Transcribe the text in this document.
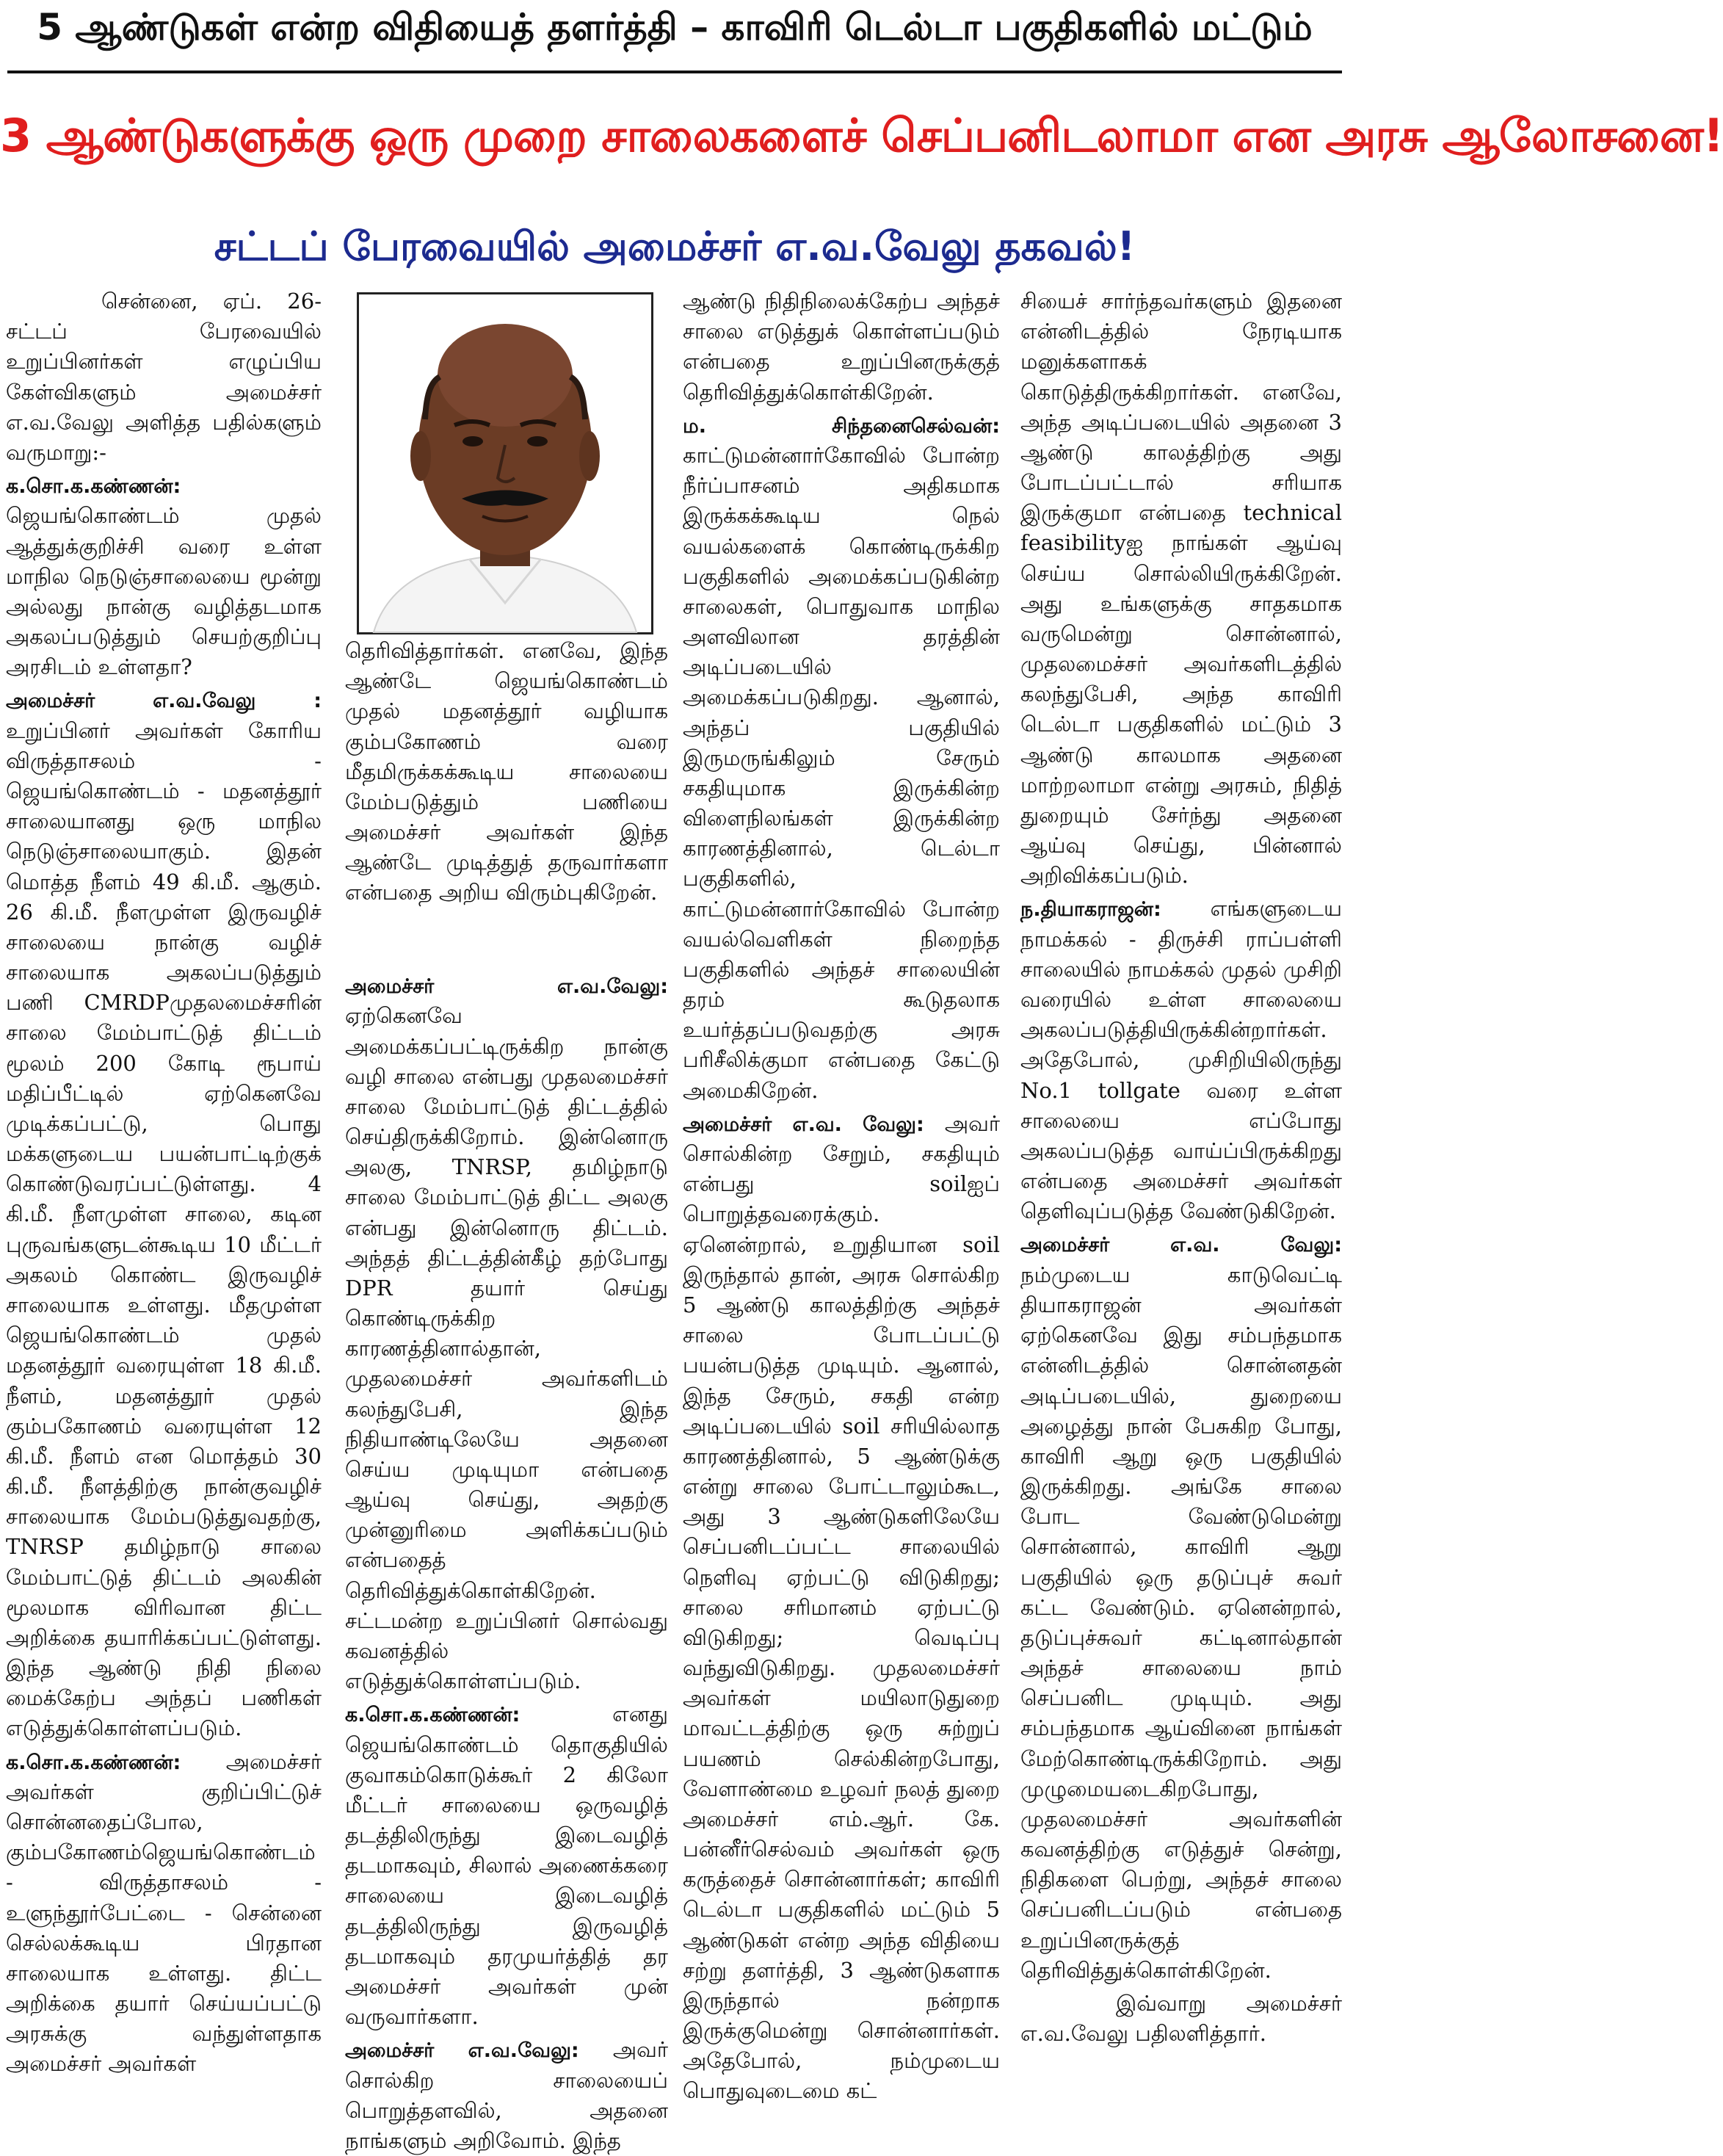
5 ஆண்டுகள் என்ற விதியைத் தளர்த்தி – காவிரி டெல்டா பகுதிகளில் மட்டும்
3 ஆண்டுகளுக்கு ஒரு முறை சாலைகளைச் செப்பனிடலாமா என அரசு ஆலோசனை!
சட்டப் பேரவையில் அமைச்சர் எ.வ.வேலு தகவல்!

சென்னை, ஏப். 26- சட்டப் பேரவையில் உறுப்பினர்கள் எழுப்பிய கேள்விகளும் அமைச்சர் எ.வ.வேலு அளித்த பதில்களும் வருமாறு:-

க.சொ.க.கண்ணன்: ஜெயங்கொண்டம் முதல் ஆத்துக்குறிச்சி வரை உள்ள மாநில நெடுஞ்சாலையை மூன்று அல்லது நான்கு வழித்தடமாக அகலப்படுத்தும் செயற்குறிப்பு அரசிடம் உள்ளதா?

அமைச்சர் எ.வ.வேலு : உறுப்பினர் அவர்கள் கோரிய விருத்தாசலம் - ஜெயங்கொண்டம் - மதனத்தூர் சாலையானது ஒரு மாநில நெடுஞ்சாலையாகும். இதன் மொத்த நீளம் 49 கி.மீ. ஆகும். 26 கி.மீ. நீளமுள்ள இருவழிச் சாலையை நான்கு வழிச் சாலையாக அகலப்படுத்தும் பணி CMRDPமுதலமைச்சரின் சாலை மேம்பாட்டுத் திட்டம் மூலம் 200 கோடி ரூபாய் மதிப்பீட்டில் ஏற்கெனவே முடிக்கப்பட்டு, பொது மக்களுடைய பயன்பாட்டிற்குக் கொண்டுவரப்பட்டுள்ளது. 4 கி.மீ. நீளமுள்ள சாலை, கடின புருவங்களுடன்கூடிய 10 மீட்டர் அகலம் கொண்ட இருவழிச் சாலையாக உள்ளது. மீதமுள்ள ஜெயங்கொண்டம் முதல் மதனத்தூர் வரையுள்ள 18 கி.மீ. நீளம், மதனத்தூர் முதல் கும்பகோணம் வரையுள்ள 12 கி.மீ. நீளம் என மொத்தம் 30 கி.மீ. நீளத்திற்கு நான்குவழிச் சாலையாக மேம்படுத்துவதற்கு, TNRSP தமிழ்நாடு சாலை மேம்பாட்டுத் திட்டம் அலகின் மூலமாக விரிவான திட்ட அறிக்கை தயாரிக்கப்பட்டுள்ளது. இந்த ஆண்டு நிதி நிலை மைக்கேற்ப அந்தப் பணிகள் எடுத்துக்கொள்ளப்படும்.

க.சொ.க.கண்ணன்: அமைச்சர் அவர்கள் குறிப்பிட்டுச் சொன்னதைப்போல, கும்பகோணம்ஜெயங்கொண்டம் - விருத்தாசலம் - உளுந்தூர்பேட்டை - சென்னை செல்லக்கூடிய பிரதான சாலையாக உள்ளது. திட்ட அறிக்கை தயார் செய்யப்பட்டு அரசுக்கு வந்துள்ளதாக அமைச்சர் அவர்கள்

தெரிவித்தார்கள். எனவே, இந்த ஆண்டே ஜெயங்கொண்டம் முதல் மதனத்தூர் வழியாக கும்பகோணம் வரை மீதமிருக்கக்கூடிய சாலையை மேம்படுத்தும் பணியை அமைச்சர் அவர்கள் இந்த ஆண்டே முடித்துத் தருவார்களா என்பதை அறிய விரும்புகிறேன்.

அமைச்சர் எ.வ.வேலு: ஏற்கெனவே அமைக்கப்பட்டிருக்கிற நான்கு வழி சாலை என்பது முதலமைச்சர் சாலை மேம்பாட்டுத் திட்டத்தில் செய்திருக்கிறோம். இன்னொரு அலகு, TNRSP, தமிழ்நாடு சாலை மேம்பாட்டுத் திட்ட அலகு என்பது இன்னொரு திட்டம். அந்தத் திட்டத்தின்கீழ் தற்போது DPR தயார் செய்து கொண்டிருக்கிற காரணத்தினால்தான், முதலமைச்சர் அவர்களிடம் கலந்துபேசி, இந்த நிதியாண்டிலேயே அதனை செய்ய முடியுமா என்பதை ஆய்வு செய்து, அதற்கு முன்னுரிமை அளிக்கப்படும் என்பதைத் தெரிவித்துக்கொள்கிறேன். சட்டமன்ற உறுப்பினர் சொல்வது கவனத்தில் எடுத்துக்கொள்ளப்படும்.

க.சொ.க.கண்ணன்: எனது ஜெயங்கொண்டம் தொகுதியில் குவாகம்கொடுக்கூர் 2 கிலோ மீட்டர் சாலையை ஒருவழித் தடத்திலிருந்து இடைவழித் தடமாகவும், சிலால் அணைக்கரை சாலையை இடைவழித் தடத்திலிருந்து இருவழித் தடமாகவும் தரமுயர்த்தித் தர அமைச்சர் அவர்கள் முன் வருவார்களா.

அமைச்சர் எ.வ.வேலு: அவர் சொல்கிற சாலையைப் பொறுத்தளவில், அதனை நாங்களும் அறிவோம். இந்த

ஆண்டு நிதிநிலைக்கேற்ப அந்தச் சாலை எடுத்துக் கொள்ளப்படும் என்பதை உறுப்பினருக்குத் தெரிவித்துக்கொள்கிறேன்.

ம. சிந்தனைசெல்வன்: காட்டுமன்னார்கோவில் போன்ற நீர்ப்பாசனம் அதிகமாக இருக்கக்கூடிய நெல் வயல்களைக் கொண்டிருக்கிற பகுதிகளில் அமைக்கப்படுகின்ற சாலைகள், பொதுவாக மாநில அளவிலான தரத்தின் அடிப்படையில் அமைக்கப்படுகிறது. ஆனால், அந்தப் பகுதியில் இருமருங்கிலும் சேரும் சகதியுமாக இருக்கின்ற விளைநிலங்கள் இருக்கின்ற காரணத்தினால், டெல்டா பகுதிகளில், காட்டுமன்னார்கோவில் போன்ற வயல்வெளிகள் நிறைந்த பகுதிகளில் அந்தச் சாலையின் தரம் கூடுதலாக உயர்த்தப்படுவதற்கு அரசு பரிசீலிக்குமா என்பதை கேட்டு அமைகிறேன்.

அமைச்சர் எ.வ. வேலு: அவர் சொல்கின்ற சேறும், சகதியும் என்பது soilஐப் பொறுத்தவரைக்கும். ஏனென்றால், உறுதியான soil இருந்தால் தான், அரசு சொல்கிற 5 ஆண்டு காலத்திற்கு அந்தச் சாலை போடப்பட்டு பயன்படுத்த முடியும். ஆனால், இந்த சேரும், சகதி என்ற அடிப்படையில் soil சரியில்லாத காரணத்தினால், 5 ஆண்டுக்கு என்று சாலை போட்டாலும்கூட, அது 3 ஆண்டுகளிலேயே செப்பனிடப்பட்ட சாலையில் நெளிவு ஏற்பட்டு விடுகிறது; சாலை சரிமானம் ஏற்பட்டு விடுகிறது; வெடிப்பு வந்துவிடுகிறது. முதலமைச்சர் அவர்கள் மயிலாடுதுறை மாவட்டத்திற்கு ஒரு சுற்றுப் பயணம் செல்கின்றபோது, வேளாண்மை உழவர் நலத் துறை அமைச்சர் எம்.ஆர். கே. பன்னீர்செல்வம் அவர்கள் ஒரு கருத்தைச் சொன்னார்கள்; காவிரி டெல்டா பகுதிகளில் மட்டும் 5 ஆண்டுகள் என்ற அந்த விதியை சற்று தளர்த்தி, 3 ஆண்டுகளாக இருந்தால் நன்றாக இருக்குமென்று சொன்னார்கள். அதேபோல், நம்முடைய பொதுவுடைமை கட்

சியைச் சார்ந்தவர்களும் இதனை என்னிடத்தில் நேரடியாக மனுக்களாகக் கொடுத்திருக்கிறார்கள். எனவே, அந்த அடிப்படையில் அதனை 3 ஆண்டு காலத்திற்கு அது போடப்பட்டால் சரியாக இருக்குமா என்பதை technical feasibilityஐ நாங்கள் ஆய்வு செய்ய சொல்லியிருக்கிறேன். அது உங்களுக்கு சாதகமாக வருமென்று சொன்னால், முதலமைச்சர் அவர்களிடத்தில் கலந்துபேசி, அந்த காவிரி டெல்டா பகுதிகளில் மட்டும் 3 ஆண்டு காலமாக அதனை மாற்றலாமா என்று அரசும், நிதித் துறையும் சேர்ந்து அதனை ஆய்வு செய்து, பின்னால் அறிவிக்கப்படும்.

ந.தியாகராஜன்: எங்களுடைய நாமக்கல் - திருச்சி ராப்பள்ளி சாலையில் நாமக்கல் முதல் முசிறி வரையில் உள்ள சாலையை அகலப்படுத்தியிருக்கின்றார்கள். அதேபோல், முசிறியிலிருந்து No.1 tollgate வரை உள்ள சாலையை எப்போது அகலப்படுத்த வாய்ப்பிருக்கிறது என்பதை அமைச்சர் அவர்கள் தெளிவுப்படுத்த வேண்டுகிறேன்.

அமைச்சர் எ.வ. வேலு: நம்முடைய காடுவெட்டி தியாகராஜன் அவர்கள் ஏற்கெனவே இது சம்பந்தமாக என்னிடத்தில் சொன்னதன் அடிப்படையில், துறையை அழைத்து நான் பேசுகிற போது, காவிரி ஆறு ஒரு பகுதியில் இருக்கிறது. அங்கே சாலை போட வேண்டுமென்று சொன்னால், காவிரி ஆறு பகுதியில் ஒரு தடுப்புச் சுவர் கட்ட வேண்டும். ஏனென்றால், தடுப்புச்சுவர் கட்டினால்தான் அந்தச் சாலையை நாம் செப்பனிட முடியும். அது சம்பந்தமாக ஆய்வினை நாங்கள் மேற்கொண்டிருக்கிறோம். அது முழுமையடைகிறபோது, முதலமைச்சர் அவர்களின் கவனத்திற்கு எடுத்துச் சென்று, நிதிகளை பெற்று, அந்தச் சாலை செப்பனிடப்படும் என்பதை உறுப்பினருக்குத் தெரிவித்துக்கொள்கிறேன்.

இவ்வாறு அமைச்சர் எ.வ.வேலு பதிலளித்தார்.
